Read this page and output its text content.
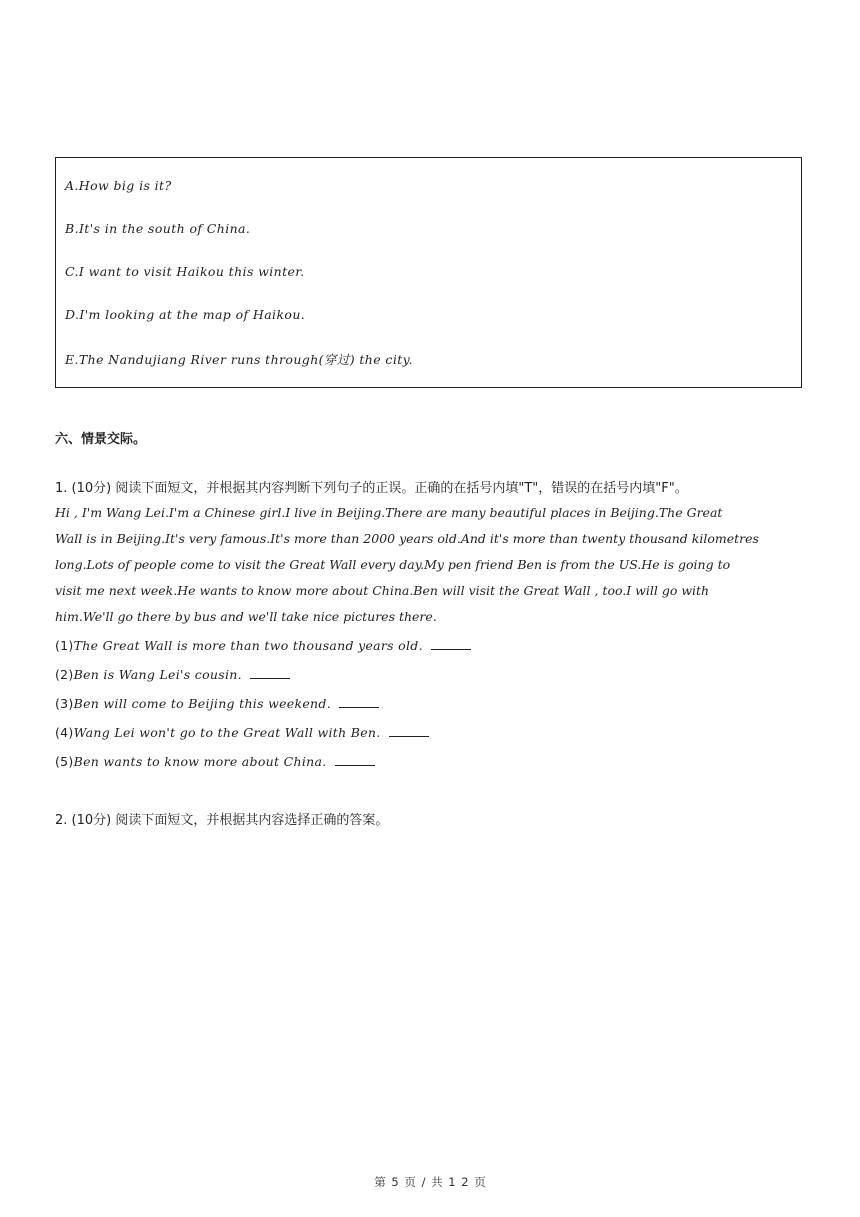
A.How big is it?
B.It's in the south of China.
C.I want to visit Haikou this winter.
D.I'm looking at the map of Haikou.
E.The Nandujiang River runs through(穿过) the city.
六、情景交际。
1. (10分) 阅读下面短文，并根据其内容判断下列句子的正误。正确的在括号内填"T"，错误的在括号内填"F"。
Hi , I'm Wang Lei.I'm a Chinese girl.I live in Beijing.There are many beautiful places in Beijing.The Great
Wall is in Beijing.It's very famous.It's more than 2000 years old.And it's more than twenty thousand kilometres
long.Lots of people come to visit the Great Wall every day.My pen friend Ben is from the US.He is going to
visit me next week.He wants to know more about China.Ben will visit the Great Wall , too.I will go with
him.We'll go there by bus and we'll take nice pictures there.
(1)The Great Wall is more than two thousand years old.
(2)Ben is Wang Lei's cousin.
(3)Ben will come to Beijing this weekend.
(4)Wang Lei won't go to the Great Wall with Ben.
(5)Ben wants to know more about China.
2. (10分) 阅读下面短文，并根据其内容选择正确的答案。
第 5 页 / 共 1 2 页
